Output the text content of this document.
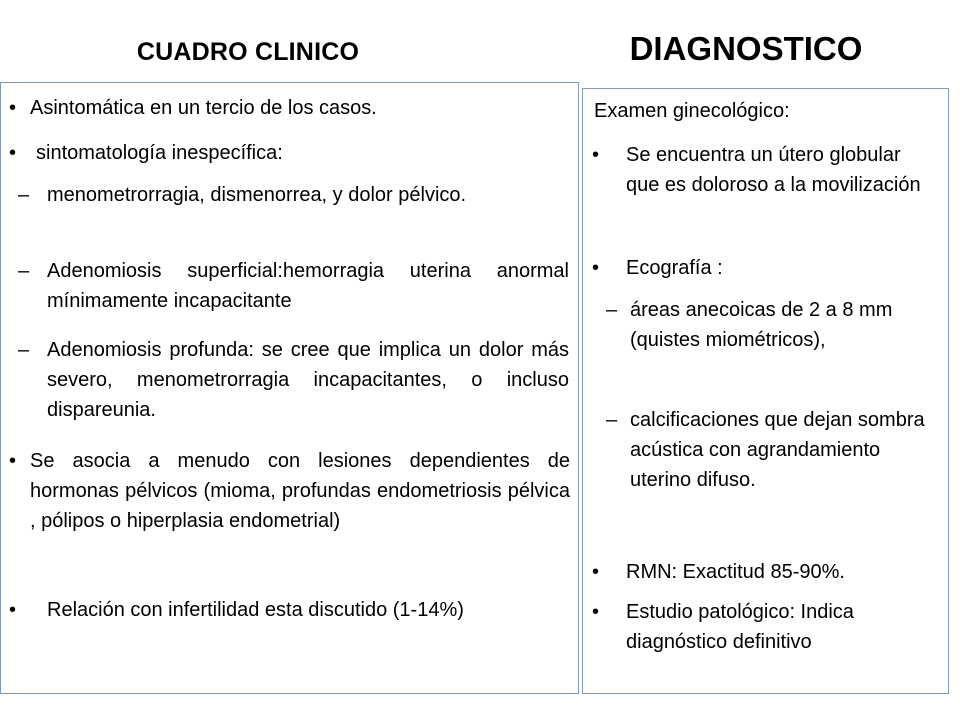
CUADRO CLINICO	DIAGNOSTICO
• Asintomática en un tercio de los casos.
• sintomatología inespecífica:
– menometrorragia, dismenorrea, y dolor pélvico.
– Adenomiosis superficial:hemorragia uterina anormal mínimamente incapacitante
– Adenomiosis profunda: se cree que implica un dolor más severo, menometrorragia incapacitantes, o incluso dispareunia.
• Se asocia a menudo con lesiones dependientes de hormonas pélvicos (mioma, profundas endometriosis pélvica , pólipos o hiperplasia endometrial)
• Relación con infertilidad esta discutido (1-14%)
Examen ginecológico:
• Se encuentra un útero globular que es doloroso a la movilización
• Ecografía :
– áreas anecoicas de 2 a 8 mm (quistes miométricos),
– calcificaciones que dejan sombra acústica con agrandamiento uterino difuso.
• RMN: Exactitud 85-90%.
• Estudio patológico: Indica diagnóstico definitivo
